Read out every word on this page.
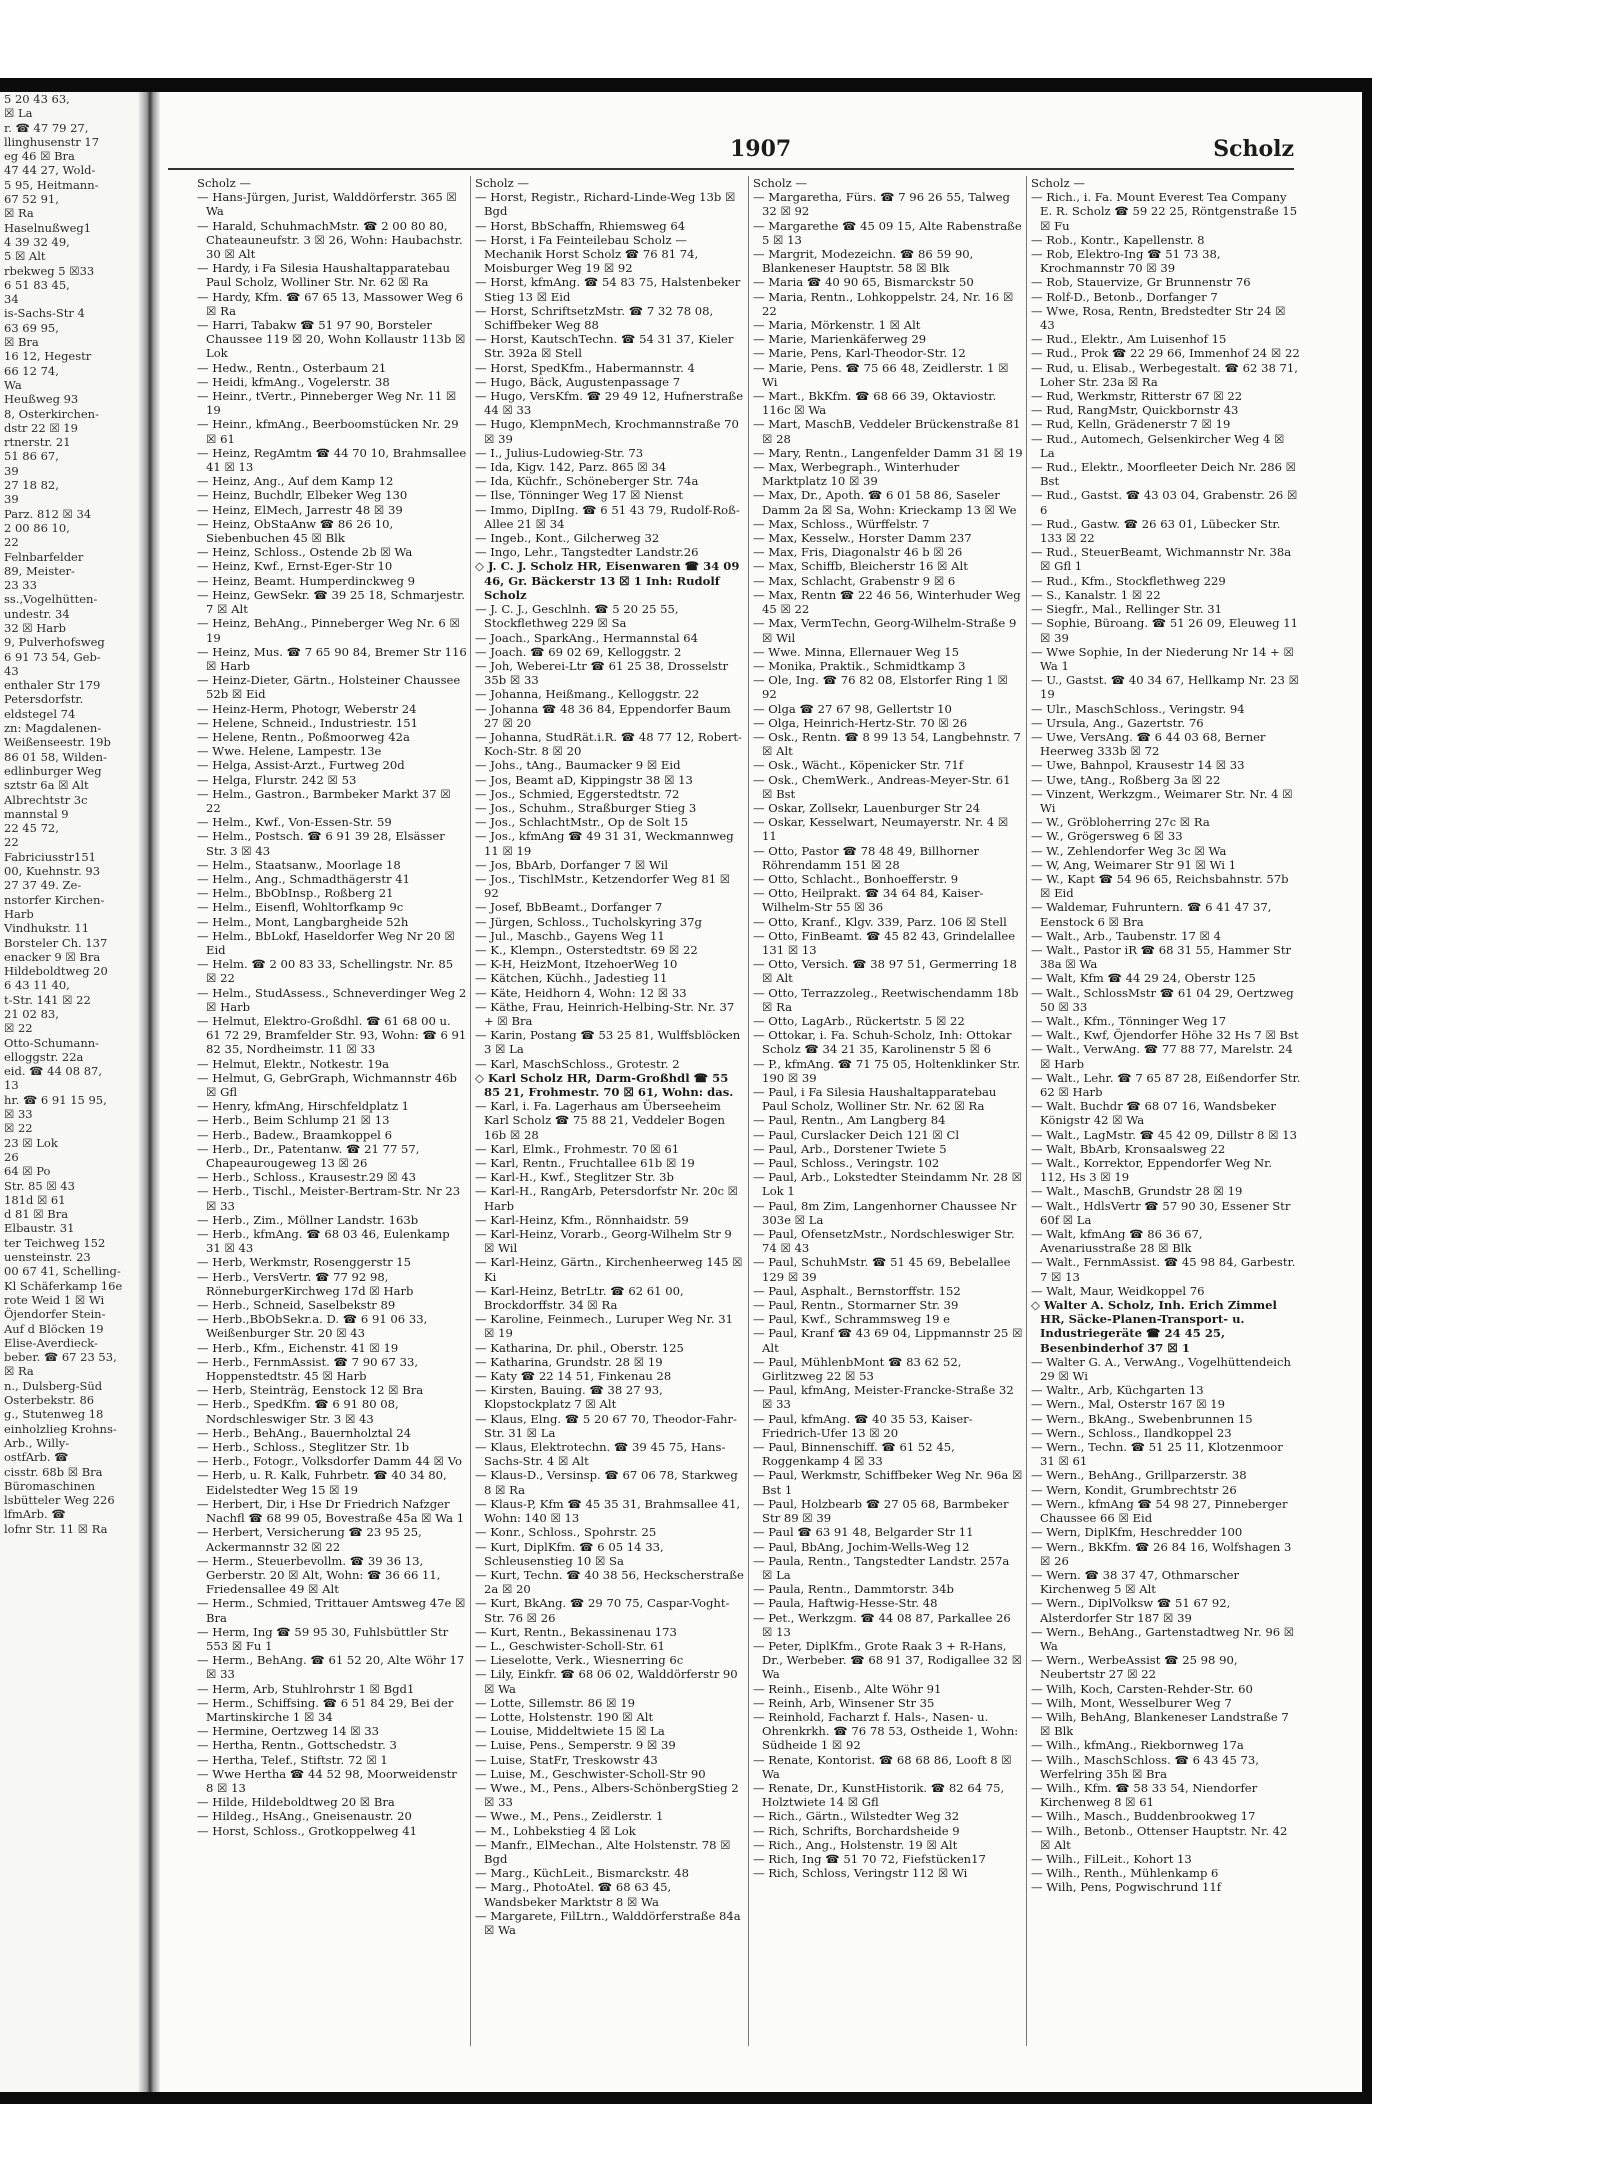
5 20 43 63,
☒ La
r. ☎ 47 79 27,
llinghusenstr 17
eg 46 ☒ Bra
47 44 27, Wold-
5 95, Heitmann-
67 52 91,
☒ Ra
Haselnußweg1
4 39 32 49,
5 ☒ Alt
rbekweg 5 ☒33
6 51 83 45,
34
is-Sachs-Str 4
63 69 95,
☒ Bra
16 12, Hegestr
66 12 74,
Wa
Heußweg 93
8, Osterkirchen-
dstr 22 ☒ 19
rtnerstr. 21
51 86 67,
39
27 18 82,
39
Parz. 812 ☒ 34
2 00 86 10,
22
Felnbarfelder
89, Meister-
23 33
ss.,Vogelhütten-
undestr. 34
32 ☒ Harb
9, Pulverhofsweg
6 91 73 54, Geb-
43
enthaler Str 179
Petersdorfstr.
eldstegel 74
zn: Magdalenen-
Weißenseestr. 19b
86 01 58, Wilden-
edlinburger Weg
sztstr 6a ☒ Alt
Albrechtstr 3c
mannstal 9
22 45 72,
22
Fabriciusstr151
00, Kuehnstr. 93
27 37 49. Ze-
nstorfer Kirchen-
Harb
Vindhukstr. 11
Borsteler Ch. 137
enacker 9 ☒ Bra
Hildeboldtweg 20
6 43 11 40,
t-Str. 141 ☒ 22
21 02 83,
☒ 22
Otto-Schumann-
elloggstr. 22a
eid. ☎ 44 08 87,
13
hr. ☎ 6 91 15 95,
☒ 33
☒ 22
23 ☒ Lok
26
64 ☒ Po
Str. 85 ☒ 43
181d ☒ 61
d 81 ☒ Bra
Elbaustr. 31
ter Teichweg 152
uensteinstr. 23
00 67 41, Schelling-
Kl Schäferkamp 16e
rote Weid 1 ☒ Wi
Öjendorfer Stein-
Auf d Blöcken 19
Elise-Averdieck-
beber. ☎ 67 23 53,
☒ Ra
n., Dulsberg-Süd
Osterbekstr. 86
g., Stutenweg 18
einholzlieg Krohns-
Arb., Willy-
ostfArb. ☎
cisstr. 68b ☒ Bra
Büromaschinen
lsbütteler Weg 226
lfmArb. ☎
lofnr Str. 11 ☒ Ra
1907	Scholz

Scholz —

— Hans-Jürgen, Jurist, Walddörferstr. 365 ☒ Wa

— Harald, SchuhmachMstr. ☎ 2 00 80 80, Chateauneufstr. 3 ☒ 26, Wohn: Haubachstr. 30 ☒ Alt

— Hardy, i Fa Silesia Haushaltapparatebau Paul Scholz, Wolliner Str. Nr. 62 ☒ Ra

— Hardy, Kfm. ☎ 67 65 13, Massower Weg 6 ☒ Ra

— Harri, Tabakw ☎ 51 97 90, Borsteler Chaussee 119 ☒ 20, Wohn Kollaustr 113b ☒ Lok

— Hedw., Rentn., Osterbaum 21

— Heidi, kfmAng., Vogelerstr. 38

— Heinr., tVertr., Pinneberger Weg Nr. 11 ☒ 19

— Heinr., kfmAng., Beerboomstücken Nr. 29 ☒ 61

— Heinz, RegAmtm ☎ 44 70 10, Brahmsallee 41 ☒ 13

— Heinz, Ang., Auf dem Kamp 12

— Heinz, Buchdlr, Elbeker Weg 130

— Heinz, ElMech, Jarrestr 48 ☒ 39

— Heinz, ObStaAnw ☎ 86 26 10, Siebenbuchen 45 ☒ Blk

— Heinz, Schloss., Ostende 2b ☒ Wa

— Heinz, Kwf., Ernst-Eger-Str 10

— Heinz, Beamt. Humperdinckweg 9

— Heinz, GewSekr. ☎ 39 25 18, Schmarjestr. 7 ☒ Alt

— Heinz, BehAng., Pinneberger Weg Nr. 6 ☒ 19

— Heinz, Mus. ☎ 7 65 90 84, Bremer Str 116 ☒ Harb

— Heinz-Dieter, Gärtn., Holsteiner Chaussee 52b ☒ Eid

— Heinz-Herm, Photogr, Weberstr 24

— Helene, Schneid., Industriestr. 151

— Helene, Rentn., Poßmoorweg 42a

— Wwe. Helene, Lampestr. 13e

— Helga, Assist-Arzt., Furtweg 20d

— Helga, Flurstr. 242 ☒ 53

— Helm., Gastron., Barmbeker Markt 37 ☒ 22

— Helm., Kwf., Von-Essen-Str. 59

— Helm., Postsch. ☎ 6 91 39 28, Elsässer Str. 3 ☒ 43

— Helm., Staatsanw., Moorlage 18

— Helm., Ang., Schmadthägerstr 41

— Helm., BbObInsp., Roßberg 21

— Helm., Eisenfl, Wohltorfkamp 9c

— Helm., Mont, Langbargheide 52h

— Helm., BbLokf, Haseldorfer Weg Nr 20 ☒ Eid

— Helm. ☎ 2 00 83 33, Schellingstr. Nr. 85 ☒ 22

— Helm., StudAssess., Schneverdinger Weg 2 ☒ Harb

— Helmut, Elektro-Großdhl. ☎ 61 68 00 u. 61 72 29, Bramfelder Str. 93, Wohn: ☎ 6 91 82 35, Nordheimstr. 11 ☒ 33

— Helmut, Elektr., Notkestr. 19a

— Helmut, G, GebrGraph, Wichmannstr 46b ☒ Gfl

— Henry, kfmAng, Hirschfeldplatz 1

— Herb., Beim Schlump 21 ☒ 13

— Herb., Badew., Braamkoppel 6

— Herb., Dr., Patentanw. ☎ 21 77 57, Chapeaurougeweg 13 ☒ 26

— Herb., Schloss., Krausestr.29 ☒ 43

— Herb., Tischl., Meister-Bertram-Str. Nr 23 ☒ 33

— Herb., Zim., Möllner Landstr. 163b

— Herb., kfmAng. ☎ 68 03 46, Eulenkamp 31 ☒ 43

— Herb, Werkmstr, Rosenggerstr 15

— Herb., VersVertr. ☎ 77 92 98, RönneburgerKirchweg 17d ☒ Harb

— Herb., Schneid, Saselbekstr 89

— Herb.,BbObSekr.a. D. ☎ 6 91 06 33, Weißenburger Str. 20 ☒ 43

— Herb., Kfm., Eichenstr. 41 ☒ 19

— Herb., FernmAssist. ☎ 7 90 67 33, Hoppenstedtstr. 45 ☒ Harb

— Herb, Steinträg, Eenstock 12 ☒ Bra

— Herb., SpedKfm. ☎ 6 91 80 08, Nordschleswiger Str. 3 ☒ 43

— Herb., BehAng., Bauernholztal 24

— Herb., Schloss., Steglitzer Str. 1b

— Herb., Fotogr., Volksdorfer Damm 44 ☒ Vo

— Herb, u. R. Kalk, Fuhrbetr. ☎ 40 34 80, Eidelstedter Weg 15 ☒ 19

— Herbert, Dir, i Hse Dr Friedrich Nafzger Nachfl ☎ 68 99 05, Bovestraße 45a ☒ Wa 1

— Herbert, Versicherung ☎ 23 95 25, Ackermannstr 32 ☒ 22

— Herm., Steuerbevollm. ☎ 39 36 13, Gerberstr. 20 ☒ Alt, Wohn: ☎ 36 66 11, Friedensallee 49 ☒ Alt

— Herm., Schmied, Trittauer Amtsweg 47e ☒ Bra

— Herm, Ing ☎ 59 95 30, Fuhlsbüttler Str 553 ☒ Fu 1

— Herm., BehAng. ☎ 61 52 20, Alte Wöhr 17 ☒ 33

— Herm, Arb, Stuhlrohrstr 1 ☒ Bgd1

— Herm., Schiffsing. ☎ 6 51 84 29, Bei der Martinskirche 1 ☒ 34

— Hermine, Oertzweg 14 ☒ 33

— Hertha, Rentn., Gottschedstr. 3

— Hertha, Telef., Stiftstr. 72 ☒ 1

— Wwe Hertha ☎ 44 52 98, Moorweidenstr 8 ☒ 13

— Hilde, Hildeboldtweg 20 ☒ Bra

— Hildeg., HsAng., Gneisenaustr. 20

— Horst, Schloss., Grotkoppelweg 41

Scholz —

— Horst, Registr., Richard-Linde-Weg 13b ☒ Bgd

— Horst, BbSchaffn, Rhiemsweg 64

— Horst, i Fa Feinteilebau Scholz — Mechanik Horst Scholz ☎ 76 81 74, Moisburger Weg 19 ☒ 92

— Horst, kfmAng. ☎ 54 83 75, Halstenbeker Stieg 13 ☒ Eid

— Horst, SchriftsetzMstr. ☎ 7 32 78 08, Schiffbeker Weg 88

— Horst, KautschTechn. ☎ 54 31 37, Kieler Str. 392a ☒ Stell

— Horst, SpedKfm., Habermannstr. 4

— Hugo, Bäck, Augustenpassage 7

— Hugo, VersKfm. ☎ 29 49 12, Hufnerstraße 44 ☒ 33

— Hugo, KlempnMech, Krochmannstraße 70 ☒ 39

— I., Julius-Ludowieg-Str. 73

— Ida, Kigv. 142, Parz. 865 ☒ 34

— Ida, Küchfr., Schöneberger Str. 74a

— Ilse, Tönninger Weg 17 ☒ Nienst

— Immo, DiplIng. ☎ 6 51 43 79, Rudolf-Roß-Allee 21 ☒ 34

— Ingeb., Kont., Gilcherweg 32

— Ingo, Lehr., Tangstedter Landstr.26

◇ J. C. J. Scholz HR, Eisenwaren ☎ 34 09 46, Gr. Bäckerstr 13 ☒ 1 Inh: Rudolf Scholz

— J. C. J., Geschlnh. ☎ 5 20 25 55, Stockflethweg 229 ☒ Sa

— Joach., SparkAng., Hermannstal 64

— Joach. ☎ 69 02 69, Kelloggstr. 2

— Joh, Weberei-Ltr ☎ 61 25 38, Drosselstr 35b ☒ 33

— Johanna, Heißmang., Kelloggstr. 22

— Johanna ☎ 48 36 84, Eppendorfer Baum 27 ☒ 20

— Johanna, StudRät.i.R. ☎ 48 77 12, Robert-Koch-Str. 8 ☒ 20

— Johs., tAng., Baumacker 9 ☒ Eid

— Jos, Beamt aD, Kippingstr 38 ☒ 13

— Jos., Schmied, Eggerstedtstr. 72

— Jos., Schuhm., Straßburger Stieg 3

— Jos., SchlachtMstr., Op de Solt 15

— Jos., kfmAng ☎ 49 31 31, Weckmannweg 11 ☒ 19

— Jos, BbArb, Dorfanger 7 ☒ Wil

— Jos., TischlMstr., Ketzendorfer Weg 81 ☒ 92

— Josef, BbBeamt., Dorfanger 7

— Jürgen, Schloss., Tucholskyring 37g

— Jul., Maschb., Gayens Weg 11

— K., Klempn., Osterstedtstr. 69 ☒ 22

— K-H, HeizMont, ItzehoerWeg 10

— Kätchen, Küchh., Jadestieg 11

— Käte, Heidhorn 4, Wohn: 12 ☒ 33

— Käthe, Frau, Heinrich-Helbing-Str. Nr. 37 + ☒ Bra

— Karin, Postang ☎ 53 25 81, Wulffsblöcken 3 ☒ La

— Karl, MaschSchloss., Grotestr. 2

◇ Karl Scholz HR, Darm-Großhdl ☎ 55 85 21, Frohmestr. 70 ☒ 61, Wohn: das.

— Karl, i. Fa. Lagerhaus am Überseeheim Karl Scholz ☎ 75 88 21, Veddeler Bogen 16b ☒ 28

— Karl, Elmk., Frohmestr. 70 ☒ 61

— Karl, Rentn., Fruchtallee 61b ☒ 19

— Karl-H., Kwf., Steglitzer Str. 3b

— Karl-H., RangArb, Petersdorfstr Nr. 20c ☒ Harb

— Karl-Heinz, Kfm., Rönnhaidstr. 59

— Karl-Heinz, Vorarb., Georg-Wilhelm Str 9 ☒ Wil

— Karl-Heinz, Gärtn., Kirchenheerweg 145 ☒ Ki

— Karl-Heinz, BetrLtr. ☎ 62 61 00, Brockdorffstr. 34 ☒ Ra

— Karoline, Feinmech., Luruper Weg Nr. 31 ☒ 19

— Katharina, Dr. phil., Oberstr. 125

— Katharina, Grundstr. 28 ☒ 19

— Katy ☎ 22 14 51, Finkenau 28

— Kirsten, Bauing. ☎ 38 27 93, Klopstockplatz 7 ☒ Alt

— Klaus, Elng. ☎ 5 20 67 70, Theodor-Fahr-Str. 31 ☒ La

— Klaus, Elektrotechn. ☎ 39 45 75, Hans-Sachs-Str. 4 ☒ Alt

— Klaus-D., Versinsp. ☎ 67 06 78, Starkweg 8 ☒ Ra

— Klaus-P, Kfm ☎ 45 35 31, Brahmsallee 41, Wohn: 140 ☒ 13

— Konr., Schloss., Spohrstr. 25

— Kurt, DiplKfm. ☎ 6 05 14 33, Schleusenstieg 10 ☒ Sa

— Kurt, Techn. ☎ 40 38 56, Heckscherstraße 2a ☒ 20

— Kurt, BkAng. ☎ 29 70 75, Caspar-Voght-Str. 76 ☒ 26

— Kurt, Rentn., Bekassinenau 173

— L., Geschwister-Scholl-Str. 61

— Lieselotte, Verk., Wiesnerring 6c

— Lily, Einkfr. ☎ 68 06 02, Walddörferstr 90 ☒ Wa

— Lotte, Sillemstr. 86 ☒ 19

— Lotte, Holstenstr. 190 ☒ Alt

— Louise, Middeltwiete 15 ☒ La

— Luise, Pens., Semperstr. 9 ☒ 39

— Luise, StatFr, Treskowstr 43

— Luise, M., Geschwister-Scholl-Str 90

— Wwe., M., Pens., Albers-SchönbergStieg 2 ☒ 33

— Wwe., M., Pens., Zeidlerstr. 1

— M., Lohbekstieg 4 ☒ Lok

— Manfr., ElMechan., Alte Holstenstr. 78 ☒ Bgd

— Marg., KüchLeit., Bismarckstr. 48

— Marg., PhotoAtel. ☎ 68 63 45, Wandsbeker Marktstr 8 ☒ Wa

— Margarete, FilLtrn., Walddörferstraße 84a ☒ Wa

Scholz —

— Margaretha, Fürs. ☎ 7 96 26 55, Talweg 32 ☒ 92

— Margarethe ☎ 45 09 15, Alte Rabenstraße 5 ☒ 13

— Margrit, Modezeichn. ☎ 86 59 90, Blankeneser Hauptstr. 58 ☒ Blk

— Maria ☎ 40 90 65, Bismarckstr 50

— Maria, Rentn., Lohkoppelstr. 24, Nr. 16 ☒ 22

— Maria, Mörkenstr. 1 ☒ Alt

— Marie, Marienkäferweg 29

— Marie, Pens, Karl-Theodor-Str. 12

— Marie, Pens. ☎ 75 66 48, Zeidlerstr. 1 ☒ Wi

— Mart., BkKfm. ☎ 68 66 39, Oktaviostr. 116c ☒ Wa

— Mart, MaschB, Veddeler Brückenstraße 81 ☒ 28

— Mary, Rentn., Langenfelder Damm 31 ☒ 19

— Max, Werbegraph., Winterhuder Marktplatz 10 ☒ 39

— Max, Dr., Apoth. ☎ 6 01 58 86, Saseler Damm 2a ☒ Sa, Wohn: Krieckamp 13 ☒ We

— Max, Schloss., Würffelstr. 7

— Max, Kesselw., Horster Damm 237

— Max, Fris, Diagonalstr 46 b ☒ 26

— Max, Schiffb, Bleicherstr 16 ☒ Alt

— Max, Schlacht, Grabenstr 9 ☒ 6

— Max, Rentn ☎ 22 46 56, Winterhuder Weg 45 ☒ 22

— Max, VermTechn, Georg-Wilhelm-Straße 9 ☒ Wil

— Wwe. Minna, Ellernauer Weg 15

— Monika, Praktik., Schmidtkamp 3

— Ole, Ing. ☎ 76 82 08, Elstorfer Ring 1 ☒ 92

— Olga ☎ 27 67 98, Gellertstr 10

— Olga, Heinrich-Hertz-Str. 70 ☒ 26

— Osk., Rentn. ☎ 8 99 13 54, Langbehnstr. 7 ☒ Alt

— Osk., Wächt., Köpenicker Str. 71f

— Osk., ChemWerk., Andreas-Meyer-Str. 61 ☒ Bst

— Oskar, Zollsekr, Lauenburger Str 24

— Oskar, Kesselwart, Neumayerstr. Nr. 4 ☒ 11

— Otto, Pastor ☎ 78 48 49, Billhorner Röhrendamm 151 ☒ 28

— Otto, Schlacht., Bonhoefferstr. 9

— Otto, Heilprakt. ☎ 34 64 84, Kaiser-Wilhelm-Str 55 ☒ 36

— Otto, Kranf., Klgv. 339, Parz. 106 ☒ Stell

— Otto, FinBeamt. ☎ 45 82 43, Grindelallee 131 ☒ 13

— Otto, Versich. ☎ 38 97 51, Germerring 18 ☒ Alt

— Otto, Terrazzoleg., Reetwischendamm 18b ☒ Ra

— Otto, LagArb., Rückertstr. 5 ☒ 22

— Ottokar, i. Fa. Schuh-Scholz, Inh: Ottokar Scholz ☎ 34 21 35, Karolinenstr 5 ☒ 6

— P., kfmAng. ☎ 71 75 05, Holtenklinker Str. 190 ☒ 39

— Paul, i Fa Silesia Haushaltapparatebau Paul Scholz, Wolliner Str. Nr. 62 ☒ Ra

— Paul, Rentn., Am Langberg 84

— Paul, Curslacker Deich 121 ☒ Cl

— Paul, Arb., Dorstener Twiete 5

— Paul, Schloss., Veringstr. 102

— Paul, Arb., Lokstedter Steindamm Nr. 28 ☒ Lok 1

— Paul, 8m Zim, Langenhorner Chaussee Nr 303e ☒ La

— Paul, OfensetzMstr., Nordschleswiger Str. 74 ☒ 43

— Paul, SchuhMstr. ☎ 51 45 69, Bebelallee 129 ☒ 39

— Paul, Asphalt., Bernstorffstr. 152

— Paul, Rentn., Stormarner Str. 39

— Paul, Kwf., Schrammsweg 19 e

— Paul, Kranf ☎ 43 69 04, Lippmannstr 25 ☒ Alt

— Paul, MühlenbMont ☎ 83 62 52, Girlitzweg 22 ☒ 53

— Paul, kfmAng, Meister-Francke-Straße 32 ☒ 33

— Paul, kfmAng. ☎ 40 35 53, Kaiser-Friedrich-Ufer 13 ☒ 20

— Paul, Binnenschiff. ☎ 61 52 45, Roggenkamp 4 ☒ 33

— Paul, Werkmstr, Schiffbeker Weg Nr. 96a ☒ Bst 1

— Paul, Holzbearb ☎ 27 05 68, Barmbeker Str 89 ☒ 39

— Paul ☎ 63 91 48, Belgarder Str 11

— Paul, BbAng, Jochim-Wells-Weg 12

— Paula, Rentn., Tangstedter Landstr. 257a ☒ La

— Paula, Rentn., Dammtorstr. 34b

— Paula, Haftwig-Hesse-Str. 48

— Pet., Werkzgm. ☎ 44 08 87, Parkallee 26 ☒ 13

— Peter, DiplKfm., Grote Raak 3 + R-Hans, Dr., Werbeber. ☎ 68 91 37, Rodigallee 32 ☒ Wa

— Reinh., Eisenb., Alte Wöhr 91

— Reinh, Arb, Winsener Str 35

— Reinhold, Facharzt f. Hals-, Nasen- u. Ohrenkrkh. ☎ 76 78 53, Ostheide 1, Wohn: Südheide 1 ☒ 92

— Renate, Kontorist. ☎ 68 68 86, Looft 8 ☒ Wa

— Renate, Dr., KunstHistorik. ☎ 82 64 75, Holztwiete 14 ☒ Gfl

— Rich., Gärtn., Wilstedter Weg 32

— Rich, Schrifts, Borchardsheide 9

— Rich., Ang., Holstenstr. 19 ☒ Alt

— Rich, Ing ☎ 51 70 72, Fiefstücken17

— Rich, Schloss, Veringstr 112 ☒ Wi

Scholz —

— Rich., i. Fa. Mount Everest Tea Company E. R. Scholz ☎ 59 22 25, Röntgenstraße 15 ☒ Fu

— Rob., Kontr., Kapellenstr. 8

— Rob, Elektro-Ing ☎ 51 73 38, Krochmannstr 70 ☒ 39

— Rob, Stauervize, Gr Brunnenstr 76

— Rolf-D., Betonb., Dorfanger 7

— Wwe, Rosa, Rentn, Bredstedter Str 24 ☒ 43

— Rud., Elektr., Am Luisenhof 15

— Rud., Prok ☎ 22 29 66, Immenhof 24 ☒ 22

— Rud, u. Elisab., Werbegestalt. ☎ 62 38 71, Loher Str. 23a ☒ Ra

— Rud, Werkmstr, Ritterstr 67 ☒ 22

— Rud, RangMstr, Quickbornstr 43

— Rud, Kelln, Grädenerstr 7 ☒ 19

— Rud., Automech, Gelsenkircher Weg 4 ☒ La

— Rud., Elektr., Moorfleeter Deich Nr. 286 ☒ Bst

— Rud., Gastst. ☎ 43 03 04, Grabenstr. 26 ☒ 6

— Rud., Gastw. ☎ 26 63 01, Lübecker Str. 133 ☒ 22

— Rud., SteuerBeamt, Wichmannstr Nr. 38a ☒ Gfl 1

— Rud., Kfm., Stockflethweg 229

— S., Kanalstr. 1 ☒ 22

— Siegfr., Mal., Rellinger Str. 31

— Sophie, Büroang. ☎ 51 26 09, Eleuweg 11 ☒ 39

— Wwe Sophie, In der Niederung Nr 14 + ☒ Wa 1

— U., Gastst. ☎ 40 34 67, Hellkamp Nr. 23 ☒ 19

— Ulr., MaschSchloss., Veringstr. 94

— Ursula, Ang., Gazertstr. 76

— Uwe, VersAng. ☎ 6 44 03 68, Berner Heerweg 333b ☒ 72

— Uwe, Bahnpol, Krausestr 14 ☒ 33

— Uwe, tAng., Roßberg 3a ☒ 22

— Vinzent, Werkzgm., Weimarer Str. Nr. 4 ☒ Wi

— W., Gröbloherring 27c ☒ Ra

— W., Grögersweg 6 ☒ 33

— W., Zehlendorfer Weg 3c ☒ Wa

— W, Ang, Weimarer Str 91 ☒ Wi 1

— W., Kapt ☎ 54 96 65, Reichsbahnstr. 57b ☒ Eid

— Waldemar, Fuhruntern. ☎ 6 41 47 37, Eenstock 6 ☒ Bra

— Walt., Arb., Taubenstr. 17 ☒ 4

— Walt., Pastor iR ☎ 68 31 55, Hammer Str 38a ☒ Wa

— Walt, Kfm ☎ 44 29 24, Oberstr 125

— Walt., SchlossMstr ☎ 61 04 29, Oertzweg 50 ☒ 33

— Walt., Kfm., Tönninger Weg 17

— Walt., Kwf, Öjendorfer Höhe 32 Hs 7 ☒ Bst

— Walt., VerwAng. ☎ 77 88 77, Marelstr. 24 ☒ Harb

— Walt., Lehr. ☎ 7 65 87 28, Eißendorfer Str. 62 ☒ Harb

— Walt. Buchdr ☎ 68 07 16, Wandsbeker Königstr 42 ☒ Wa

— Walt., LagMstr. ☎ 45 42 09, Dillstr 8 ☒ 13

— Walt, BbArb, Kronsaalsweg 22

— Walt., Korrektor, Eppendorfer Weg Nr. 112, Hs 3 ☒ 19

— Walt., MaschB, Grundstr 28 ☒ 19

— Walt., HdlsVertr ☎ 57 90 30, Essener Str 60f ☒ La

— Walt, kfmAng ☎ 86 36 67, Avenariusstraße 28 ☒ Blk

— Walt., FernmAssist. ☎ 45 98 84, Garbestr. 7 ☒ 13

— Walt, Maur, Weidkoppel 76

◇ Walter A. Scholz, Inh. Erich Zimmel HR, Säcke-Planen-Transport- u. Industriegeräte ☎ 24 45 25, Besenbinderhof 37 ☒ 1

— Walter G. A., VerwAng., Vogelhüttendeich 29 ☒ Wi

— Waltr., Arb, Küchgarten 13

— Wern., Mal, Osterstr 167 ☒ 19

— Wern., BkAng., Swebenbrunnen 15

— Wern., Schloss., Ilandkoppel 23

— Wern., Techn. ☎ 51 25 11, Klotzenmoor 31 ☒ 61

— Wern., BehAng., Grillparzerstr. 38

— Wern, Kondit, Grumbrechtstr 26

— Wern., kfmAng ☎ 54 98 27, Pinneberger Chaussee 66 ☒ Eid

— Wern, DiplKfm, Heschredder 100

— Wern., BkKfm. ☎ 26 84 16, Wolfshagen 3 ☒ 26

— Wern. ☎ 38 37 47, Othmarscher Kirchenweg 5 ☒ Alt

— Wern., DiplVolksw ☎ 51 67 92, Alsterdorfer Str 187 ☒ 39

— Wern., BehAng., Gartenstadtweg Nr. 96 ☒ Wa

— Wern., WerbeAssist ☎ 25 98 90, Neubertstr 27 ☒ 22

— Wilh, Koch, Carsten-Rehder-Str. 60

— Wilh, Mont, Wesselburer Weg 7

— Wilh, BehAng, Blankeneser Landstraße 7 ☒ Blk

— Wilh., kfmAng., Riekbornweg 17a

— Wilh., MaschSchloss. ☎ 6 43 45 73, Werfelring 35h ☒ Bra

— Wilh., Kfm. ☎ 58 33 54, Niendorfer Kirchenweg 8 ☒ 61

— Wilh., Masch., Buddenbrookweg 17

— Wilh., Betonb., Ottenser Hauptstr. Nr. 42 ☒ Alt

— Wilh., FilLeit., Kohort 13

— Wilh., Renth., Mühlenkamp 6

— Wilh, Pens, Pogwischrund 11f
